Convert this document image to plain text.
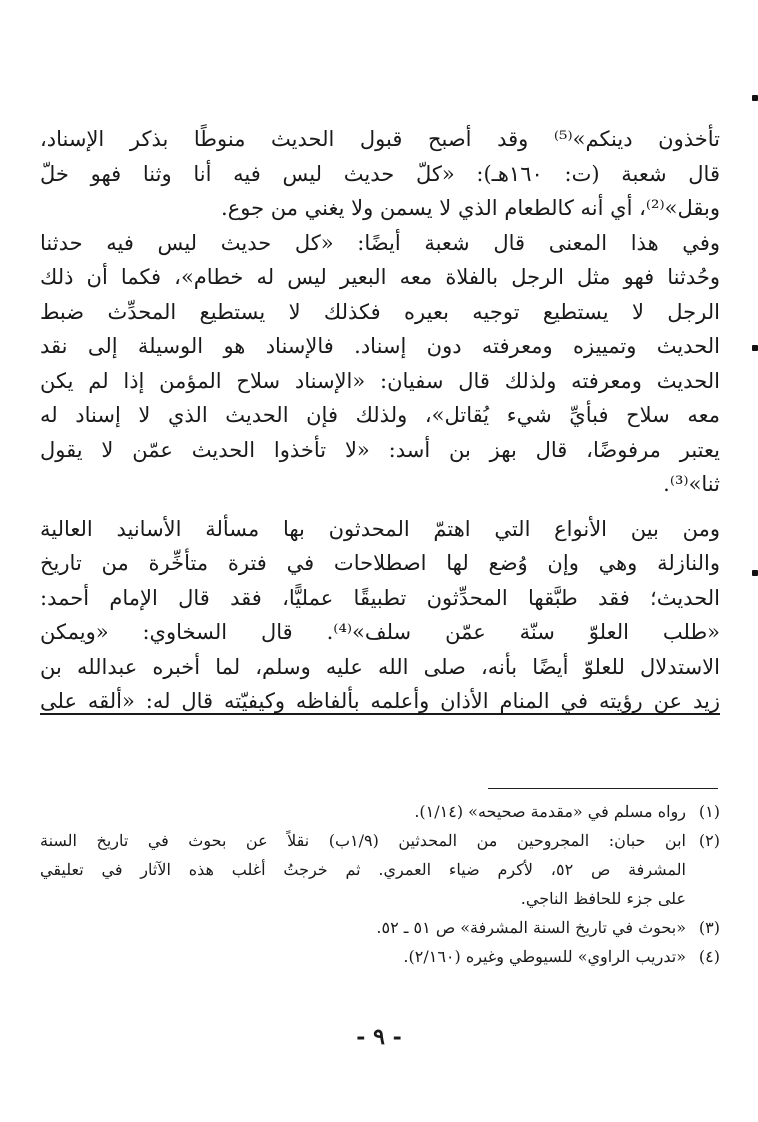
تأخذون دينكم»⁽⁵⁾ وقد أصبح قبول الحديث منوطًا بذكر الإسناد،
قال شعبة (ت: ١٦٠هـ): «كلّ حديث ليس فيه أنا وثنا فهو خلّ
وبقل»⁽²⁾، أي أنه كالطعام الذي لا يسمن ولا يغني من جوع.
وفي هذا المعنى قال شعبة أيضًا: «كل حديث ليس فيه حدثنا
وحُدثنا فهو مثل الرجل بالفلاة معه البعير ليس له خطام»، فكما أن ذلك
الرجل لا يستطيع توجيه بعيره فكذلك لا يستطيع المحدِّث ضبط
الحديث وتمييزه ومعرفته دون إسناد. فالإسناد هو الوسيلة إلى نقد
الحديث ومعرفته ولذلك قال سفيان: «الإسناد سلاح المؤمن إذا لم يكن
معه سلاح فبأيِّ شيء يُقاتل»، ولذلك فإن الحديث الذي لا إسناد له
يعتبر مرفوضًا، قال بهز بن أسد: «لا تأخذوا الحديث عمّن لا يقول
ثنا»⁽³⁾.
ومن بين الأنواع التي اهتمّ المحدثون بها مسألة الأسانيد العالية
والنازلة وهي وإن وُضع لها اصطلاحات في فترة متأخِّرة من تاريخ
الحديث؛ فقد طبَّقها المحدِّثون تطبيقًا عمليًّا، فقد قال الإمام أحمد:
«طلب العلوّ سنّة عمّن سلف»⁽⁴⁾. قال السخاوي: «ويمكن
الاستدلال للعلوّ أيضًا بأنه، صلى الله عليه وسلم، لما أخبره عبدالله بن
زيد عن رؤيته في المنام الأذان وأعلمه بألفاظه وكيفيّته قال له: «ألقه على
(١)
رواه مسلم في «مقدمة صحيحه» (١/١٤).
(٢)
ابن حبان: المجروحين من المحدثين (١/٩ب) نقلاً عن بحوث في تاريخ السنة
المشرفة ص ٥٢، لأكرم ضياء العمري. ثم خرجتُ أغلب هذه الآثار في تعليقي
على جزء للحافظ الناجي.
(٣)
«بحوث في تاريخ السنة المشرفة» ص ٥١ ـ ٥٢.
(٤)
«تدريب الراوي» للسيوطي وغيره (٢/١٦٠).
- ٩ -
